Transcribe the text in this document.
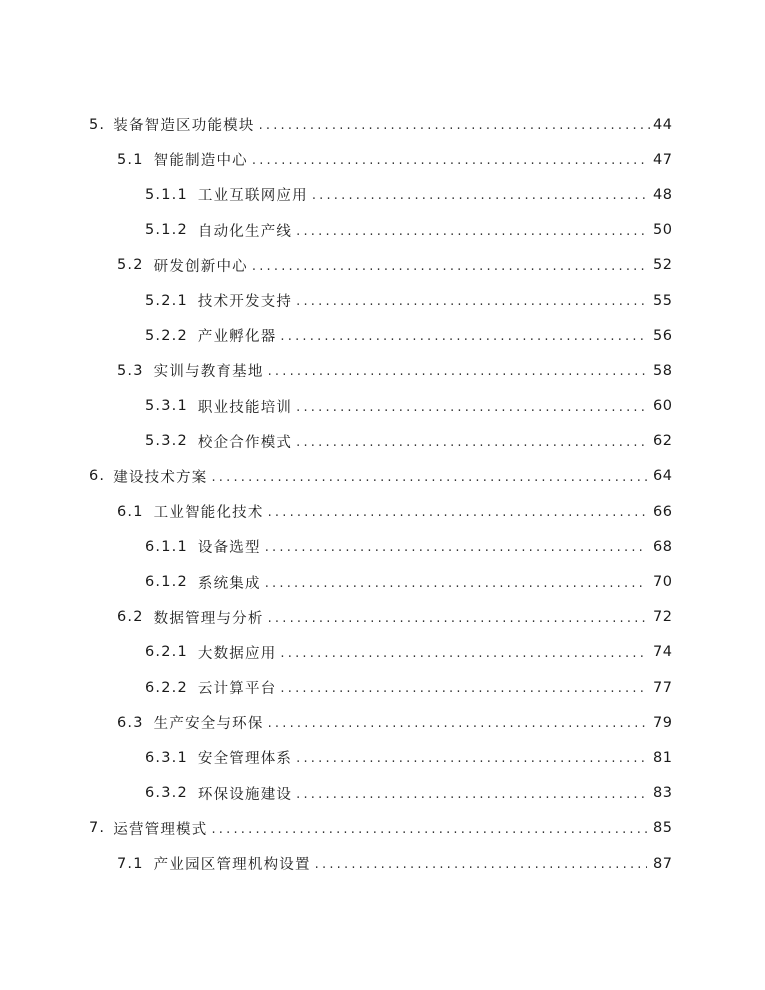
5. 装备智造区功能模块 .....	44
5.1 智能制造中心 .....	47
5.1.1 工业互联网应用 .....	48
5.1.2 自动化生产线 .....	50
5.2 研发创新中心 .....	52
5.2.1 技术开发支持 .....	55
5.2.2 产业孵化器 .....	56
5.3 实训与教育基地 .....	58
5.3.1 职业技能培训 .....	60
5.3.2 校企合作模式 .....	62
6. 建设技术方案 .....	64
6.1 工业智能化技术 .....	66
6.1.1 设备选型 .....	68
6.1.2 系统集成 .....	70
6.2 数据管理与分析 .....	72
6.2.1 大数据应用 .....	74
6.2.2 云计算平台 .....	77
6.3 生产安全与环保 .....	79
6.3.1 安全管理体系 .....	81
6.3.2 环保设施建设 .....	83
7. 运营管理模式 .....	85
7.1 产业园区管理机构设置 .....	87
